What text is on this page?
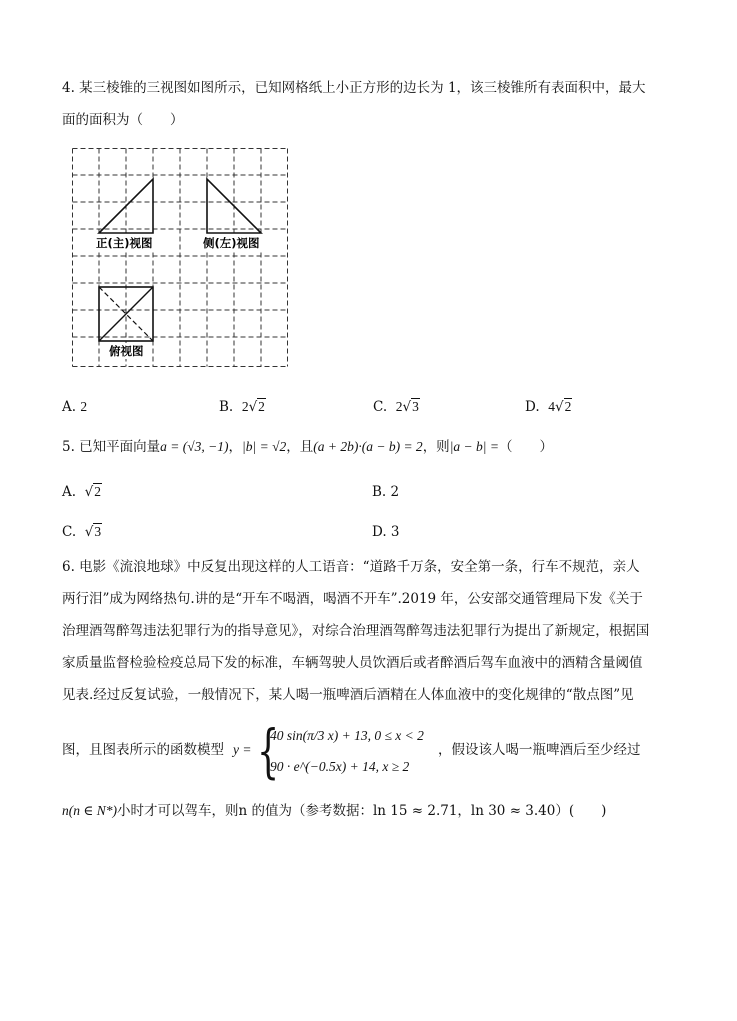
4. 某三棱锥的三视图如图所示，已知网格纸上小正方形的边长为 1，该三棱锥所有表面积中，最大
面的面积为（　　）
正(主)视图	侧(左)视图
俯视图
A. 2	B. 2√2	C. 2√3	D. 4√2
5. 已知平面向量a = (√3, −1)，|b| = √2，且(a + 2b)·(a − b) = 2，则|a − b| =（　　）
A. √2	B. 2
C. √3	D. 3
6. 电影《流浪地球》中反复出现这样的人工语音：“道路千万条，安全第一条，行车不规范，亲人
两行泪”成为网络热句.讲的是“开车不喝酒，喝酒不开车”.2019 年，公安部交通管理局下发《关于
治理酒驾醉驾违法犯罪行为的指导意见》，对综合治理酒驾醉驾违法犯罪行为提出了新规定，根据国
家质量监督检验检疫总局下发的标准，车辆驾驶人员饮酒后或者醉酒后驾车血液中的酒精含量阈值
见表.经过反复试验，一般情况下，某人喝一瓶啤酒后酒精在人体血液中的变化规律的“散点图”见
图，且图表所示的函数模型 y = {
40 sin(π/3 x) + 13, 0 ≤ x < 2
90 · e^(−0.5x) + 14, x ≥ 2
，假设该人喝一瓶啤酒后至少经过
n(n ∈ N*)小时才可以驾车，则n 的值为（参考数据：ln 15 ≈ 2.71，ln 30 ≈ 3.40）(　　)
